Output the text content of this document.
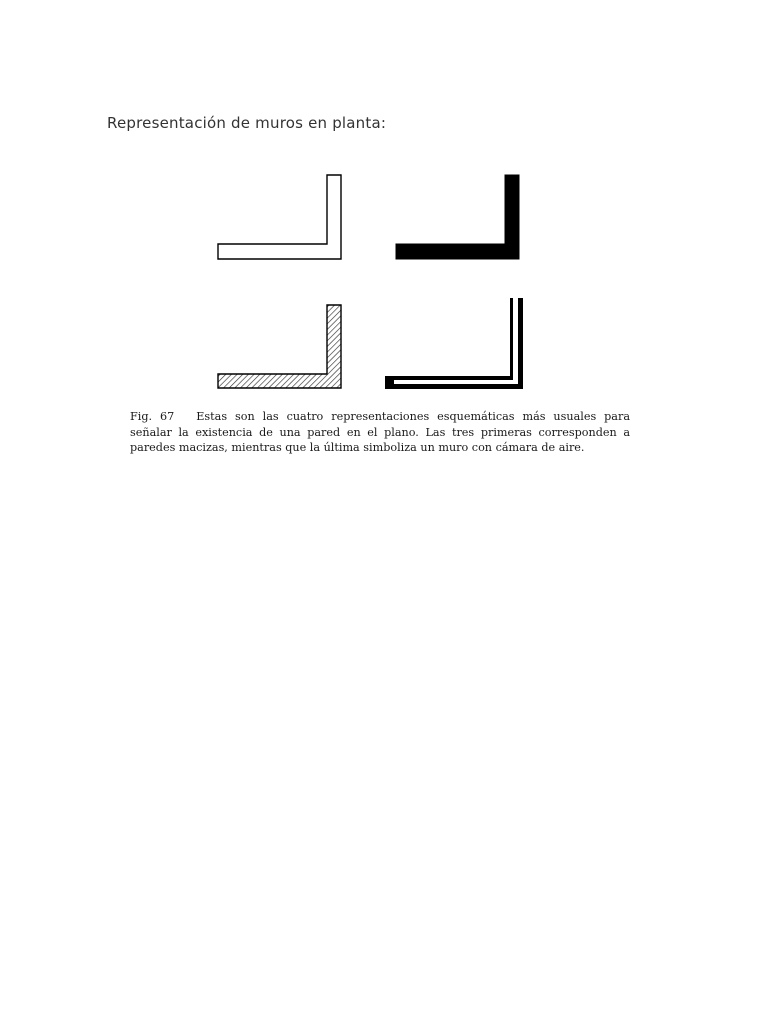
Representación de muros en planta:
Fig. 67 Estas son las cuatro representaciones esquemáticas más usuales para señalar la existencia de una pared en el plano. Las tres primeras corresponden a paredes macizas, mientras que la última simboliza un muro con cámara de aire.
